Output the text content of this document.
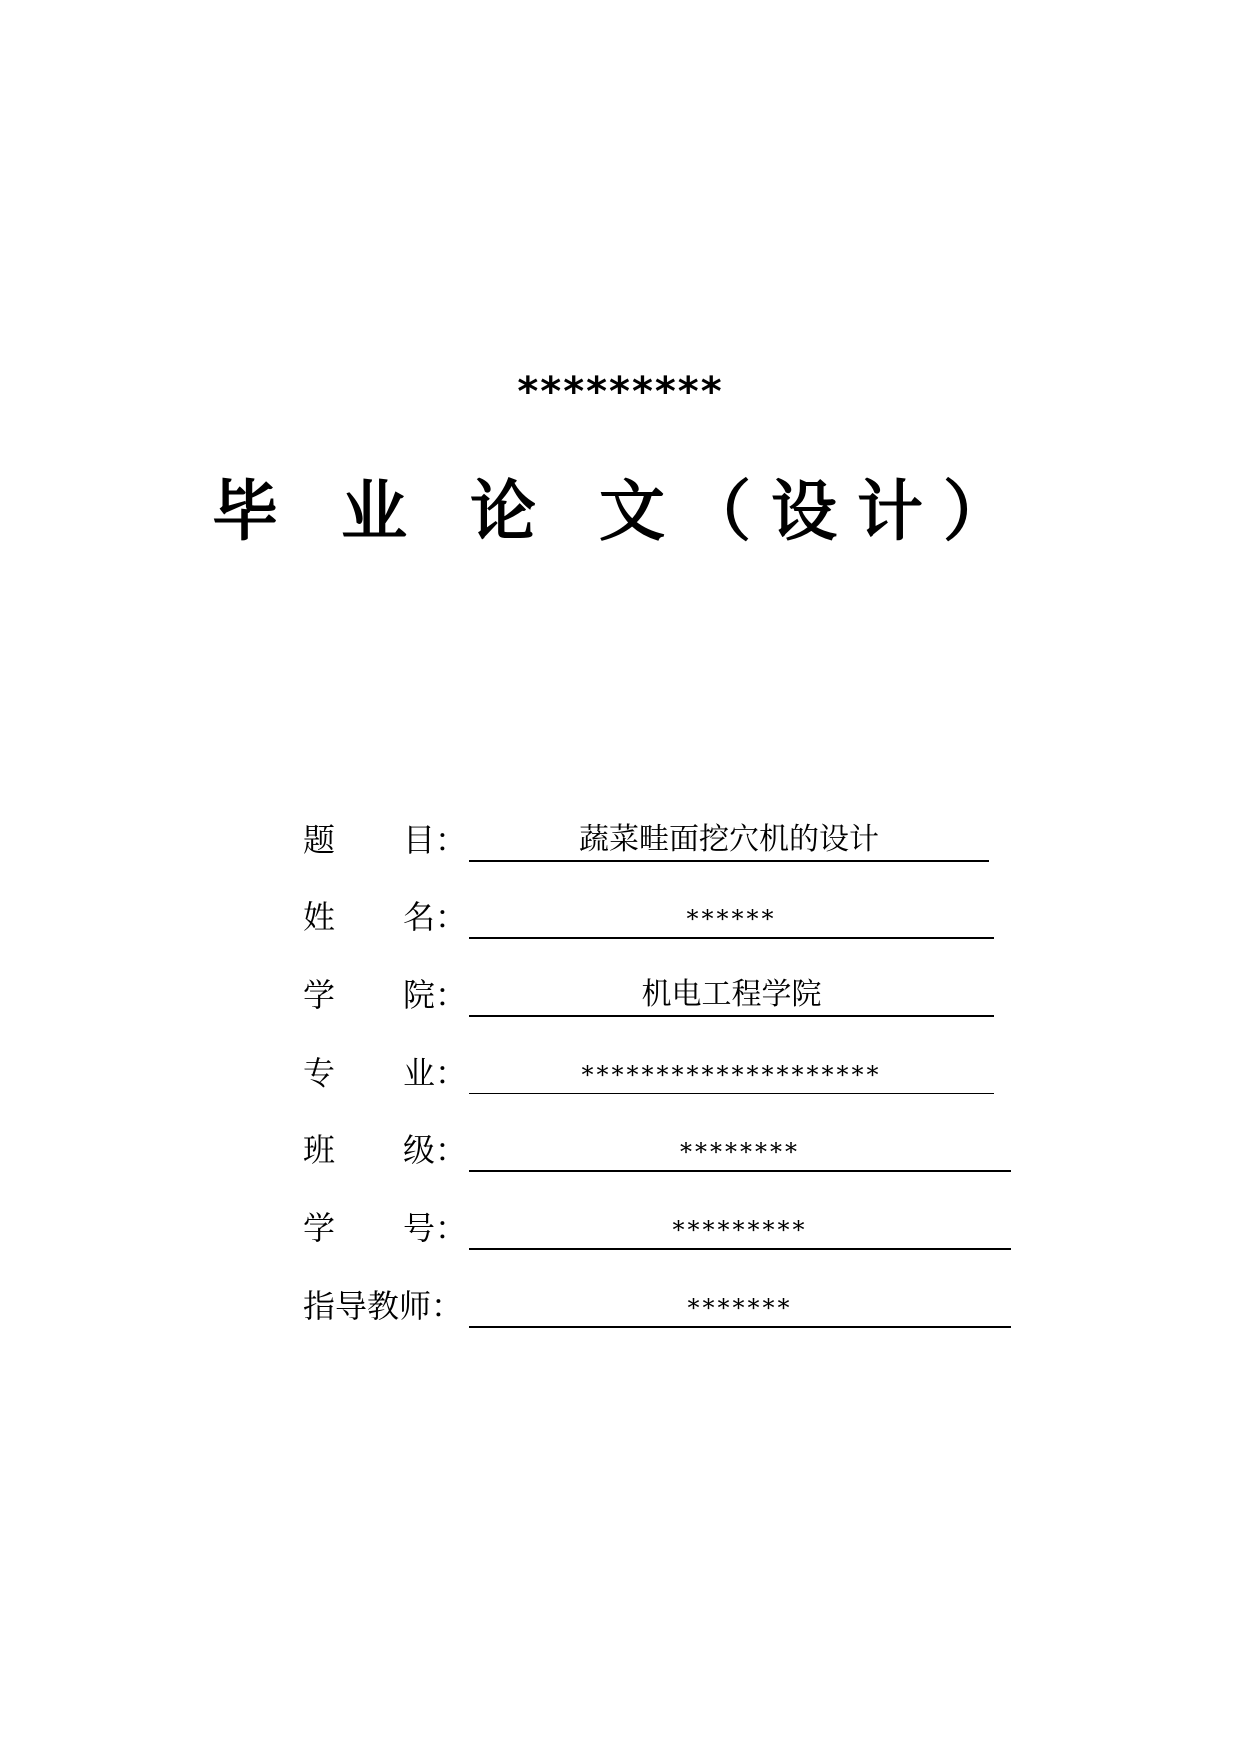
*********
毕 业 论 文（设计）
题 目 ：	蔬菜畦面挖穴机的设计
姓 名 ：	******
学 院 ：	机电工程学院
专 业 ：	********************
班 级 ：	********
学 号 ：	*********
指导教师：	*******
